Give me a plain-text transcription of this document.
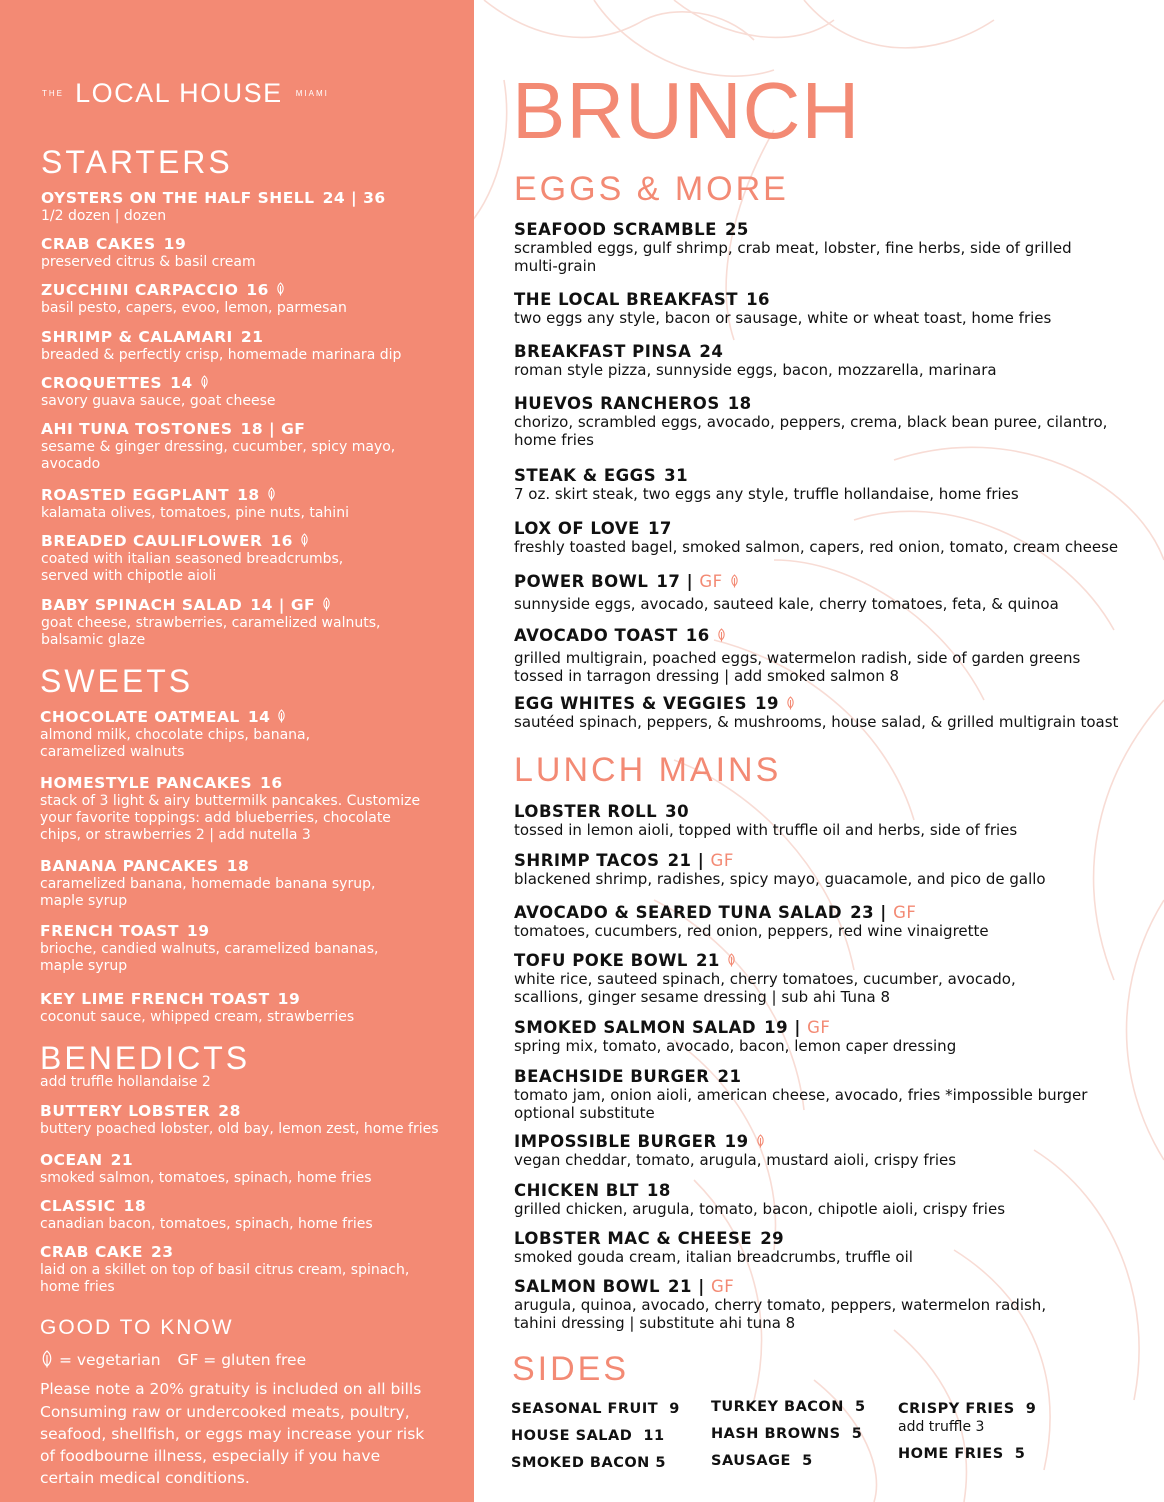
THE LOCAL HOUSE MIAMI
STARTERS
OYSTERS ON THE HALF SHELL 24 | 36
1/2 dozen | dozen
CRAB CAKES 19
preserved citrus & basil cream
ZUCCHINI CARPACCIO 16
basil pesto, capers, evoo, lemon, parmesan
SHRIMP & CALAMARI 21
breaded & perfectly crisp, homemade marinara dip
CROQUETTES 14
savory guava sauce, goat cheese
AHI TUNA TOSTONES 18 | GF
sesame & ginger dressing, cucumber, spicy mayo, avocado
ROASTED EGGPLANT 18
kalamata olives, tomatoes, pine nuts, tahini
BREADED CAULIFLOWER 16
coated with italian seasoned breadcrumbs, served with chipotle aioli
BABY SPINACH SALAD 14 | GF
goat cheese, strawberries, caramelized walnuts, balsamic glaze
SWEETS
CHOCOLATE OATMEAL 14
almond milk, chocolate chips, banana, caramelized walnuts
HOMESTYLE PANCAKES 16
stack of 3 light & airy buttermilk pancakes. Customize your favorite toppings: add blueberries, chocolate chips, or strawberries 2 | add nutella 3
BANANA PANCAKES 18
caramelized banana, homemade banana syrup, maple syrup
FRENCH TOAST 19
brioche, candied walnuts, caramelized bananas, maple syrup
KEY LIME FRENCH TOAST 19
coconut sauce, whipped cream, strawberries
BENEDICTS
add truffle hollandaise 2
BUTTERY LOBSTER 28
buttery poached lobster, old bay, lemon zest, home fries
OCEAN 21
smoked salmon, tomatoes, spinach, home fries
CLASSIC 18
canadian bacon, tomatoes, spinach, home fries
CRAB CAKE 23
laid on a skillet on top of basil citrus cream, spinach, home fries
GOOD TO KNOW
= vegetarian GF = gluten free
Please note a 20% gratuity is included on all bills
Consuming raw or undercooked meats, poultry, seafood, shellfish, or eggs may increase your risk of foodbourne illness, especially if you have certain medical conditions.
BRUNCH
EGGS & MORE
SEAFOOD SCRAMBLE 25
scrambled eggs, gulf shrimp, crab meat, lobster, fine herbs, side of grilled multi-grain
THE LOCAL BREAKFAST 16
two eggs any style, bacon or sausage, white or wheat toast, home fries
BREAKFAST PINSA 24
roman style pizza, sunnyside eggs, bacon, mozzarella, marinara
HUEVOS RANCHEROS 18
chorizo, scrambled eggs, avocado, peppers, crema, black bean puree, cilantro, home fries
STEAK & EGGS 31
7 oz. skirt steak, two eggs any style, truffle hollandaise, home fries
LOX OF LOVE 17
freshly toasted bagel, smoked salmon, capers, red onion, tomato, cream cheese
POWER BOWL 17 | GF
sunnyside eggs, avocado, sauteed kale, cherry tomatoes, feta, & quinoa
AVOCADO TOAST 16
grilled multigrain, poached eggs, watermelon radish, side of garden greens tossed in tarragon dressing | add smoked salmon 8
EGG WHITES & VEGGIES 19
sautéed spinach, peppers, & mushrooms, house salad, & grilled multigrain toast
LUNCH MAINS
LOBSTER ROLL 30
tossed in lemon aioli, topped with truffle oil and herbs, side of fries
SHRIMP TACOS 21 | GF
blackened shrimp, radishes, spicy mayo, guacamole, and pico de gallo
AVOCADO & SEARED TUNA SALAD 23 | GF
tomatoes, cucumbers, red onion, peppers, red wine vinaigrette
TOFU POKE BOWL 21
white rice, sauteed spinach, cherry tomatoes, cucumber, avocado, scallions, ginger sesame dressing | sub ahi Tuna 8
SMOKED SALMON SALAD 19 | GF
spring mix, tomato, avocado, bacon, lemon caper dressing
BEACHSIDE BURGER 21
tomato jam, onion aioli, american cheese, avocado, fries *impossible burger optional substitute
IMPOSSIBLE BURGER 19
vegan cheddar, tomato, arugula, mustard aioli, crispy fries
CHICKEN BLT 18
grilled chicken, arugula, tomato, bacon, chipotle aioli, crispy fries
LOBSTER MAC & CHEESE 29
smoked gouda cream, italian breadcrumbs, truffle oil
SALMON BOWL 21 | GF
arugula, quinoa, avocado, cherry tomato, peppers, watermelon radish, tahini dressing | substitute ahi tuna 8
SIDES
SEASONAL FRUIT 9
HOUSE SALAD 11
SMOKED BACON 5
TURKEY BACON 5
HASH BROWNS 5
SAUSAGE 5
CRISPY FRIES 9
add truffle 3
HOME FRIES 5
